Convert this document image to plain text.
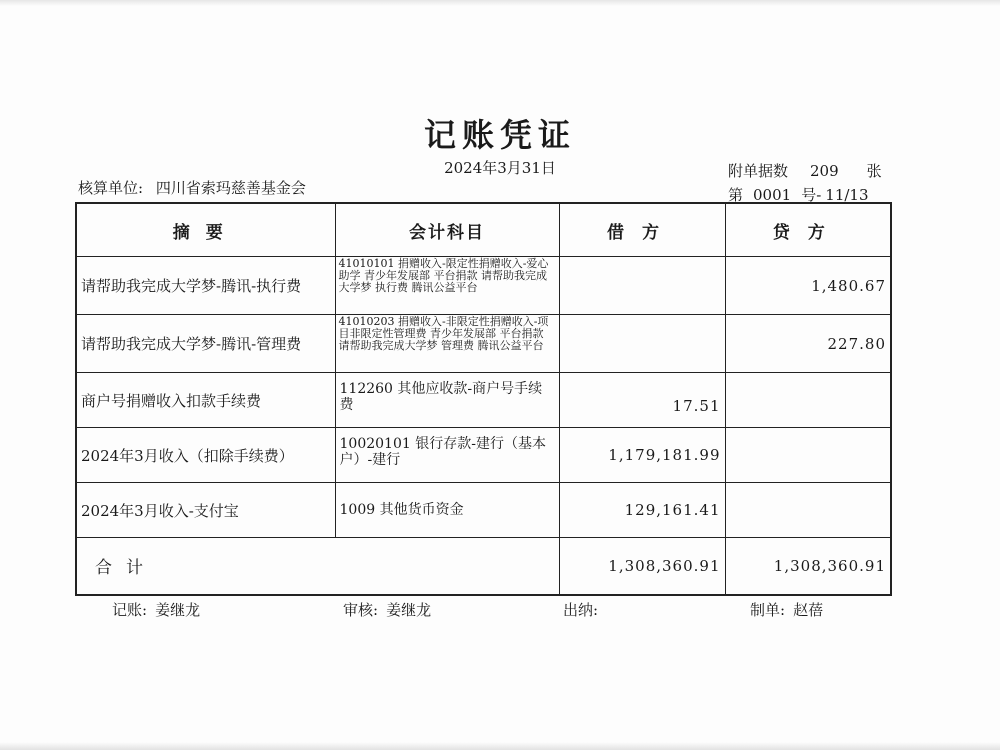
记账凭证
2024年3月31日
核算单位: 四川省索玛慈善基金会
附单据数 209 张
第 0001 号- 11/13
摘要	会计科目	借方	贷方
请帮助我完成大学梦-腾讯-执行费	41010101 捐赠收入-限定性捐赠收入-爱心助学 青少年发展部 平台捐款 请帮助我完成大学梦 执行费 腾讯公益平台		1,480.67
请帮助我完成大学梦-腾讯-管理费	41010203 捐赠收入-非限定性捐赠收入-项目非限定性管理费 青少年发展部 平台捐款 请帮助我完成大学梦 管理费 腾讯公益平台		227.80
商户号捐赠收入扣款手续费	112260 其他应收款-商户号手续费	17.51	
2024年3月收入（扣除手续费）	10020101 银行存款-建行（基本户）-建行	1,179,181.99	
2024年3月收入-支付宝	1009 其他货币资金	129,161.41	
合计		1,308,360.91	1,308,360.91
记账: 姜继龙	审核: 姜继龙	出纳:	制单: 赵蓓
